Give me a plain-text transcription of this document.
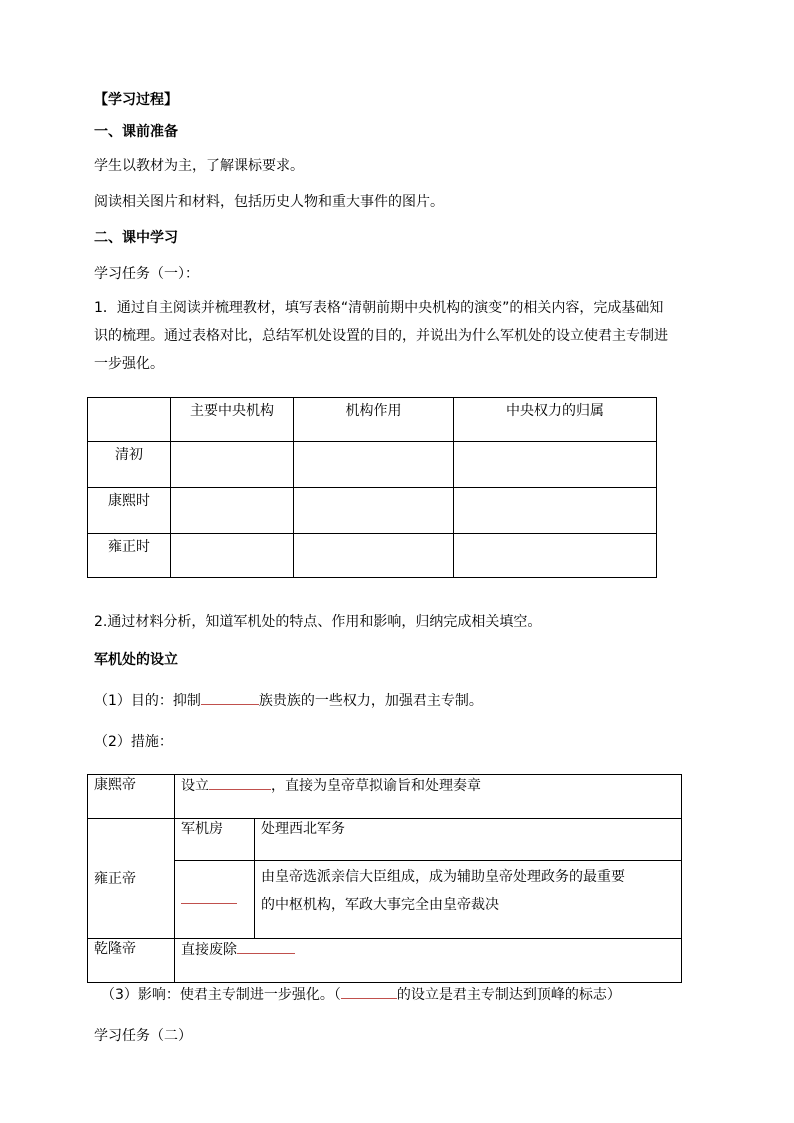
【学习过程】
一、课前准备
学生以教材为主，了解课标要求。
阅读相关图片和材料，包括历史人物和重大事件的图片。
二、课中学习
学习任务（一）：
1．通过自主阅读并梳理教材，填写表格“清朝前期中央机构的演变”的相关内容，完成基础知
识的梳理。通过表格对比，总结军机处设置的目的，并说出为什么军机处的设立使君主专制进
一步强化。

	主要中央机构	机构作用	中央权力的归属

清初			

康熙时			

雍正时			

2.通过材料分析，知道军机处的特点、作用和影响，归纳完成相关填空。
军机处的设立
（1）目的：抑制	族贵族的一些权力，加强君主专制。
（2）措施：
康熙帝	设立 ，直接为皇帝草拟谕旨和处理奏章	

雍正帝	军机房	处理西北军务

		由皇帝选派亲信大臣组成，成为辅助皇帝处理政务的最重要
的中枢机构，军政大事完全由皇帝裁决

乾隆帝	直接废除	
（3）影响：使君主专制进一步强化。（	的设立是君主专制达到顶峰的标志）
学习任务（二）
